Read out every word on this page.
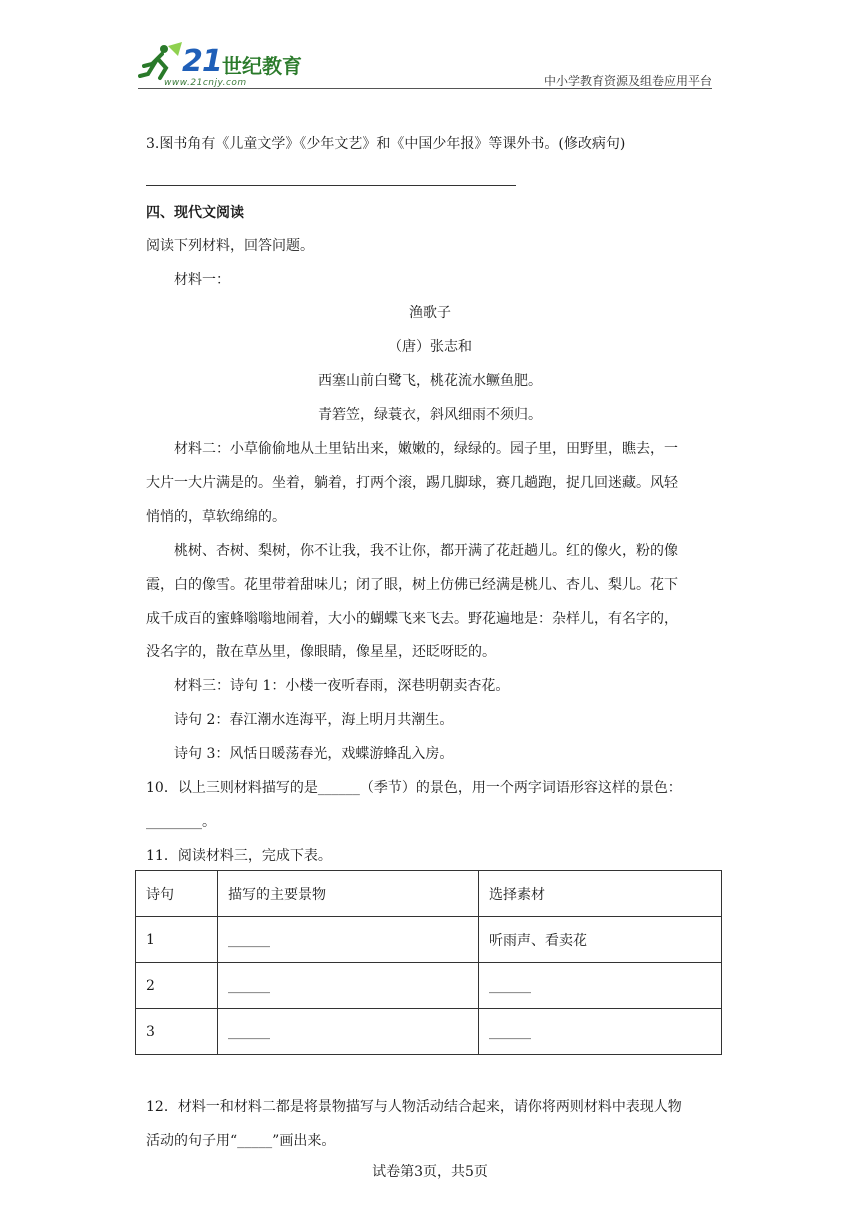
21 世纪教育
www.21cnjy.com	中小学教育资源及组卷应用平台
3.图书角有《儿童文学》《少年文艺》和《中国少年报》等课外书。(修改病句)
四、现代文阅读
阅读下列材料，回答问题。
材料一：
渔歌子
（唐）张志和
西塞山前白鹭飞，桃花流水鳜鱼肥。
青箬笠，绿蓑衣，斜风细雨不须归。
材料二：小草偷偷地从土里钻出来，嫩嫩的，绿绿的。园子里，田野里，瞧去，一
大片一大片满是的。坐着，躺着，打两个滚，踢几脚球，赛几趟跑，捉几回迷藏。风轻
悄悄的，草软绵绵的。
桃树、杏树、梨树，你不让我，我不让你，都开满了花赶趟儿。红的像火，粉的像
霞，白的像雪。花里带着甜味儿；闭了眼，树上仿佛已经满是桃儿、杏儿、梨儿。花下
成千成百的蜜蜂嗡嗡地闹着，大小的蝴蝶飞来飞去。野花遍地是：杂样儿，有名字的，
没名字的，散在草丛里，像眼睛，像星星，还眨呀眨的。
材料三：诗句 1：小楼一夜听春雨，深巷明朝卖杏花。
诗句 2：春江潮水连海平，海上明月共潮生。
诗句 3：风恬日暖荡春光，戏蝶游蜂乱入房。
10．以上三则材料描写的是______（季节）的景色，用一个两字词语形容这样的景色：
________。
11．阅读材料三，完成下表。
诗句	描写的主要景物	选择素材
1	______	听雨声、看卖花
2	______	______
3	______	______
12．材料一和材料二都是将景物描写与人物活动结合起来，请你将两则材料中表现人物
活动的句子用“_____”画出来。
试卷第3页，共5页
